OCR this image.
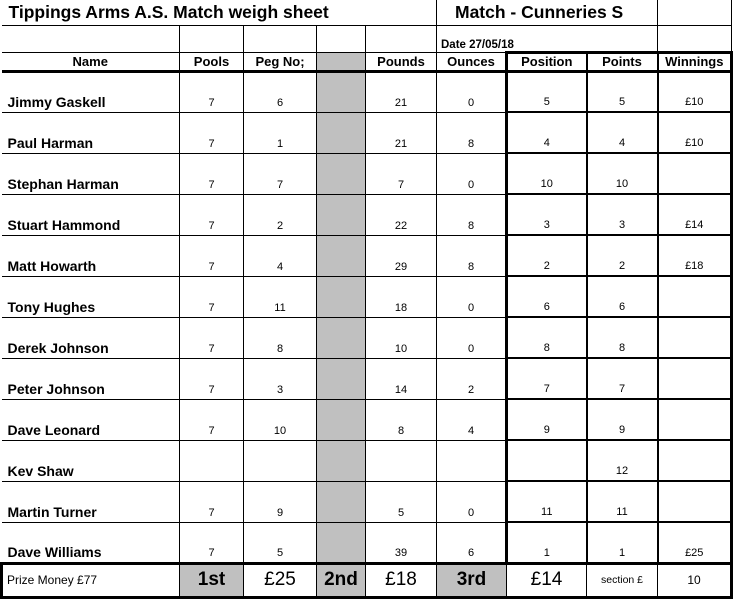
Tippings Arms A.S. Match weigh sheet					Match - Cunneries S			
					Date 27/05/18			
Name	Pools	Peg No;		Pounds	Ounces	Position	Points	Winnings
Jimmy Gaskell	7	6		21	0	5	5	£10
Paul Harman	7	1		21	8	4	4	£10
Stephan Harman	7	7		7	0	10	10	
Stuart Hammond	7	2		22	8	3	3	£14
Matt Howarth	7	4		29	8	2	2	£18
Tony Hughes	7	11		18	0	6	6	
Derek Johnson	7	8		10	0	8	8	
Peter Johnson	7	3		14	2	7	7	
Dave Leonard	7	10		8	4	9	9	
Kev Shaw							12	
Martin Turner	7	9		5	0	11	11	
Dave Williams	7	5		39	6	1	1	£25
Prize Money £77	1st	£25	2nd	£18	3rd	£14	section £	10
